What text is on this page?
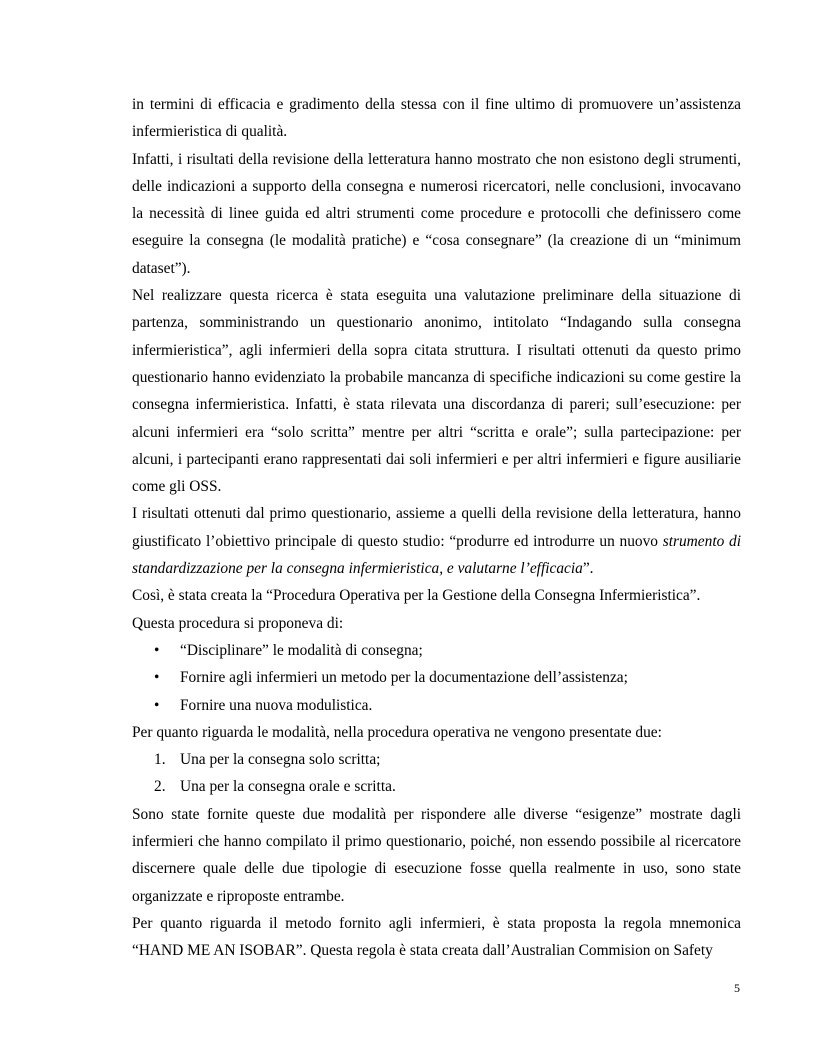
in termini di efficacia e gradimento della stessa con il fine ultimo di promuovere un’assistenza infermieristica di qualità.

Infatti, i risultati della revisione della letteratura hanno mostrato che non esistono degli strumenti, delle indicazioni a supporto della consegna e numerosi ricercatori, nelle conclusioni, invocavano la necessità di linee guida ed altri strumenti come procedure e protocolli che definissero come eseguire la consegna (le modalità pratiche) e “cosa consegnare” (la creazione di un “minimum dataset”).

Nel realizzare questa ricerca è stata eseguita una valutazione preliminare della situazione di partenza, somministrando un questionario anonimo, intitolato “Indagando sulla consegna infermieristica”, agli infermieri della sopra citata struttura. I risultati ottenuti da questo primo questionario hanno evidenziato la probabile mancanza di specifiche indicazioni su come gestire la consegna infermieristica. Infatti, è stata rilevata una discordanza di pareri; sull’esecuzione: per alcuni infermieri era “solo scritta” mentre per altri “scritta e orale”; sulla partecipazione: per alcuni, i partecipanti erano rappresentati dai soli infermieri e per altri infermieri e figure ausiliarie come gli OSS.

I risultati ottenuti dal primo questionario, assieme a quelli della revisione della letteratura, hanno giustificato l’obiettivo principale di questo studio: “produrre ed introdurre un nuovo strumento di standardizzazione per la consegna infermieristica, e valutarne l’efficacia”.

Così, è stata creata la “Procedura Operativa per la Gestione della Consegna Infermieristica”. Questa procedura si proponeva di:

• “Disciplinare” le modalità di consegna;
• Fornire agli infermieri un metodo per la documentazione dell’assistenza;
• Fornire una nuova modulistica.

Per quanto riguarda le modalità, nella procedura operativa ne vengono presentate due:

1. Una per la consegna solo scritta;
2. Una per la consegna orale e scritta.

Sono state fornite queste due modalità per rispondere alle diverse “esigenze” mostrate dagli infermieri che hanno compilato il primo questionario, poiché, non essendo possibile al ricercatore discernere quale delle due tipologie di esecuzione fosse quella realmente in uso, sono state organizzate e riproposte entrambe.

Per quanto riguarda il metodo fornito agli infermieri, è stata proposta la regola mnemonica “HAND ME AN ISOBAR”. Questa regola è stata creata dall’Australian Commision on Safety

5
